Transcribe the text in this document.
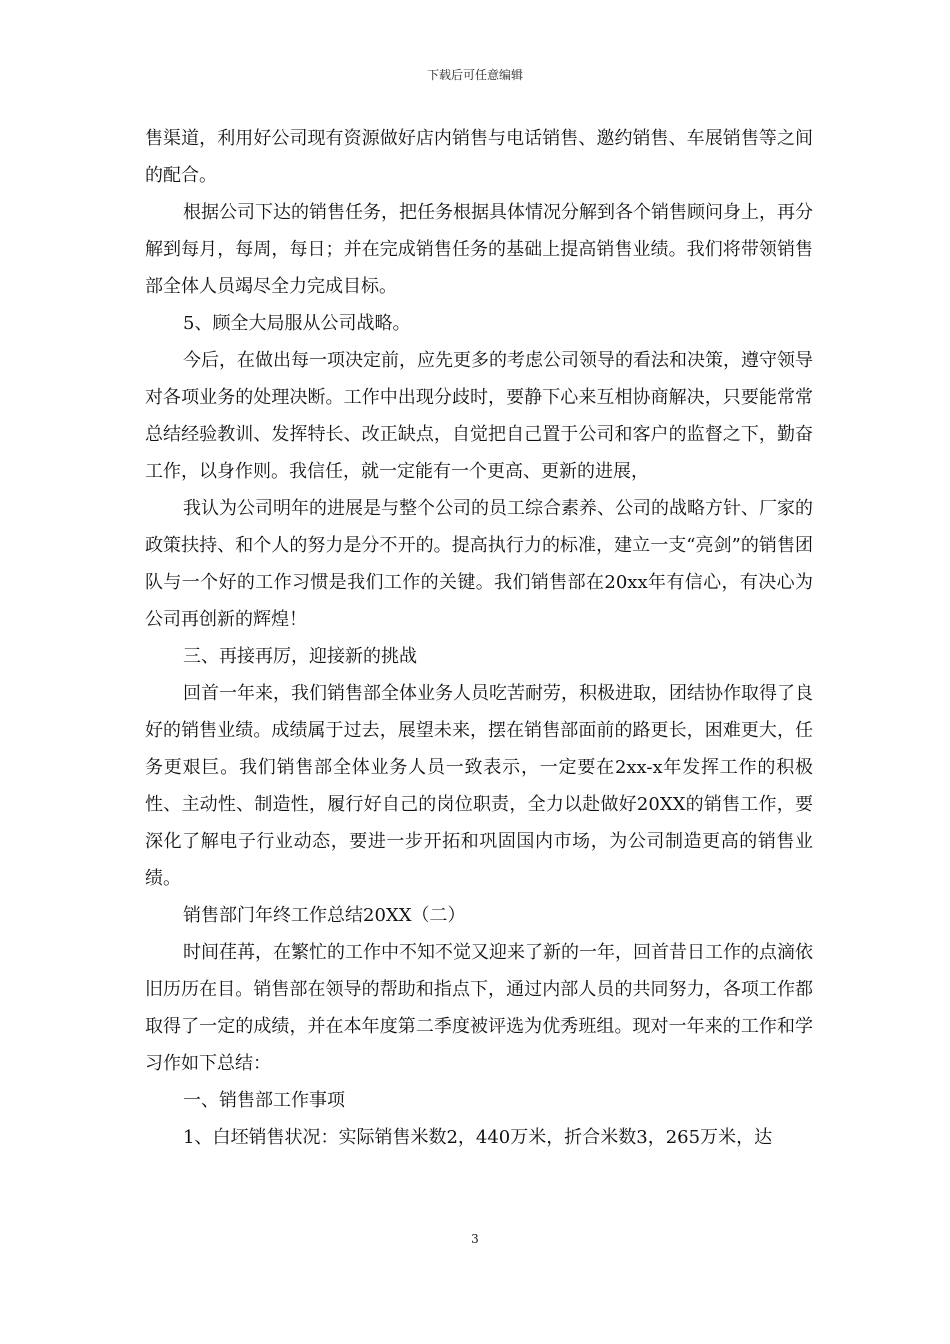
下载后可任意编辑

售渠道，利用好公司现有资源做好店内销售与电话销售、邀约销售、车展销售等之间的配合。

根据公司下达的销售任务，把任务根据具体情况分解到各个销售顾问身上，再分解到每月，每周，每日；并在完成销售任务的基础上提高销售业绩。我们将带领销售部全体人员竭尽全力完成目标。

5、顾全大局服从公司战略。

今后，在做出每一项决定前，应先更多的考虑公司领导的看法和决策，遵守领导对各项业务的处理决断。工作中出现分歧时，要静下心来互相协商解决，只要能常常总结经验教训、发挥特长、改正缺点，自觉把自己置于公司和客户的监督之下，勤奋工作，以身作则。我信任，就一定能有一个更高、更新的进展，

我认为公司明年的进展是与整个公司的员工综合素养、公司的战略方针、厂家的政策扶持、和个人的努力是分不开的。提高执行力的标准，建立一支“亮剑”的销售团队与一个好的工作习惯是我们工作的关键。我们销售部在20xx年有信心，有决心为公司再创新的辉煌！

三、再接再厉，迎接新的挑战

回首一年来，我们销售部全体业务人员吃苦耐劳，积极进取，团结协作取得了良好的销售业绩。成绩属于过去，展望未来，摆在销售部面前的路更长，困难更大，任务更艰巨。我们销售部全体业务人员一致表示，一定要在2xx-x年发挥工作的积极性、主动性、制造性，履行好自己的岗位职责，全力以赴做好20XX的销售工作，要深化了解电子行业动态，要进一步开拓和巩固国内市场，为公司制造更高的销售业绩。

销售部门年终工作总结20XX（二）

时间荏苒，在繁忙的工作中不知不觉又迎来了新的一年，回首昔日工作的点滴依旧历历在目。销售部在领导的帮助和指点下，通过内部人员的共同努力，各项工作都取得了一定的成绩，并在本年度第二季度被评选为优秀班组。现对一年来的工作和学习作如下总结：

一、销售部工作事项

1、白坯销售状况：实际销售米数2，440万米，折合米数3，265万米，达

3
